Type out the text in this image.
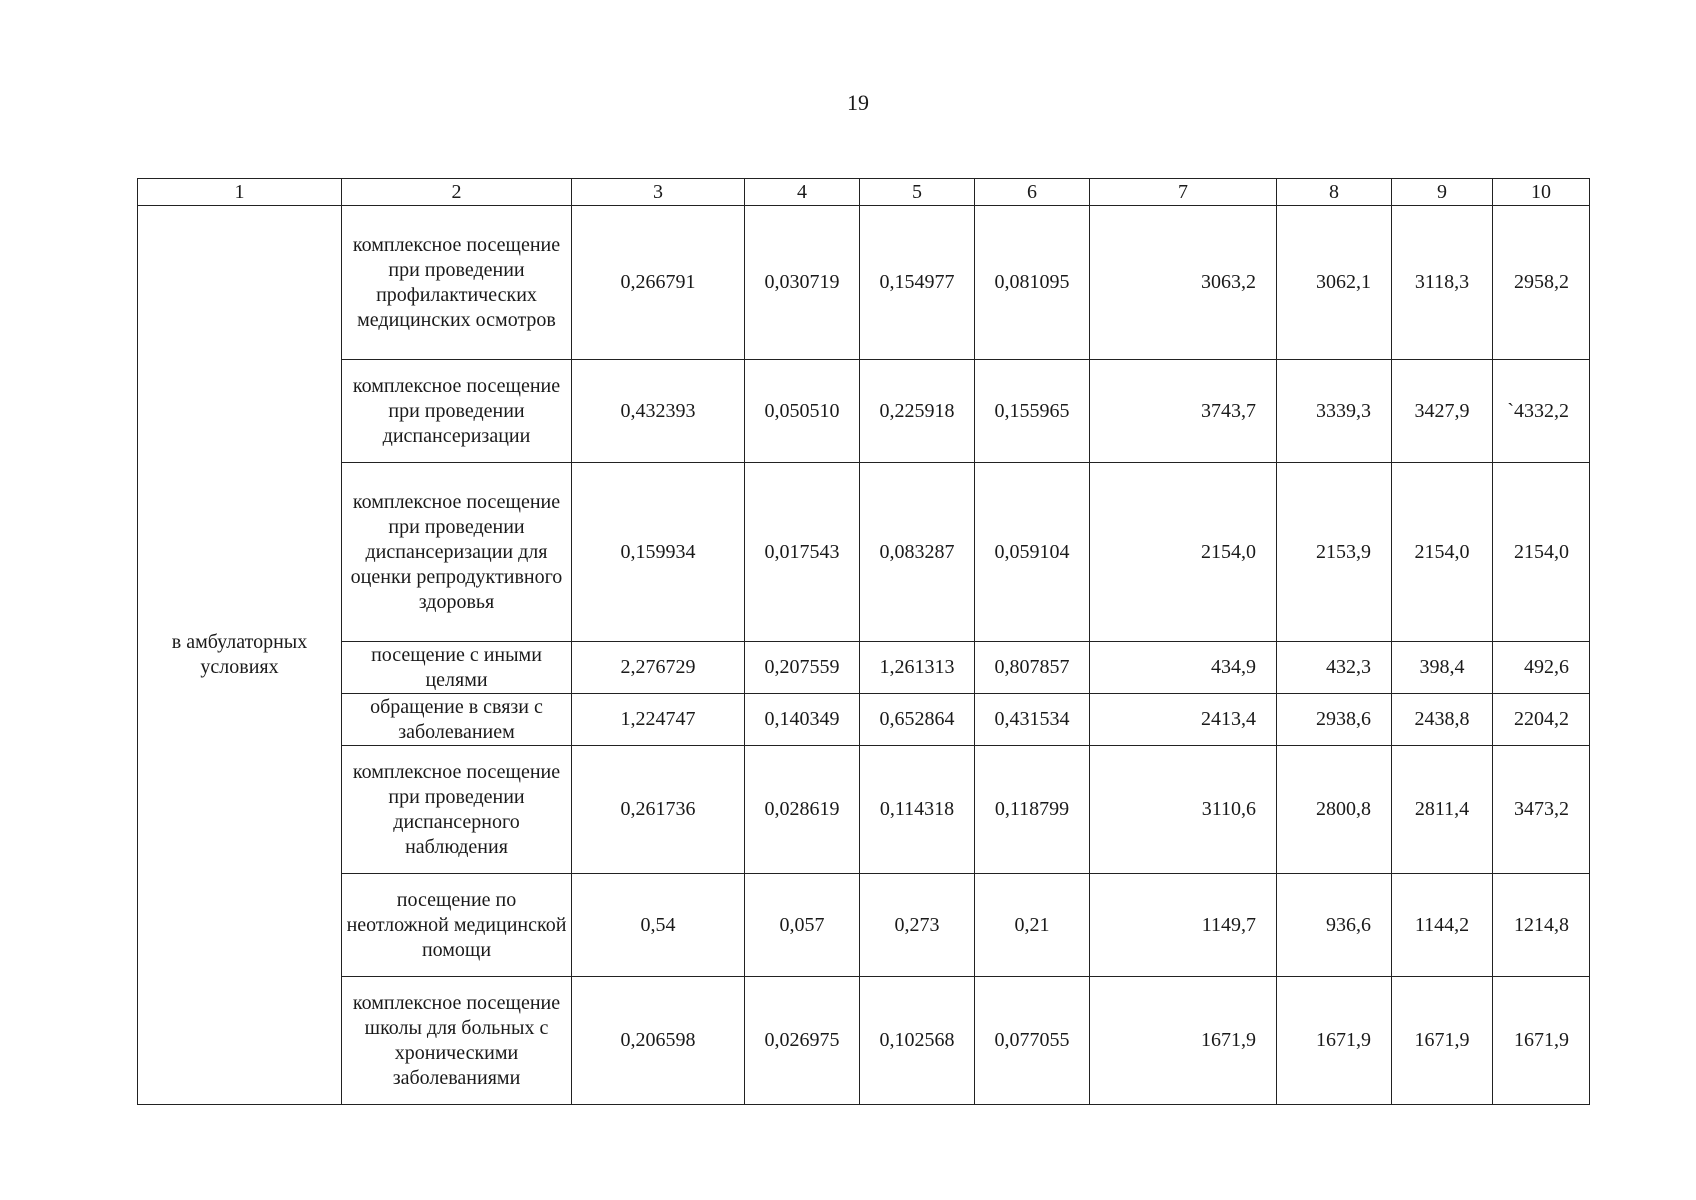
19
1	2	3	4	5	6	7	8	9	10
в амбулаторных условиях	комплексное посещение при проведении профилактических медицинских осмотров	0,266791	0,030719	0,154977	0,081095	3063,2	3062,1	3118,3	2958,2
	комплексное посещение при проведении диспансеризации	0,432393	0,050510	0,225918	0,155965	3743,7	3339,3	3427,9	`4332,2
	комплексное посещение при проведении диспансеризации для оценки репродуктивного здоровья	0,159934	0,017543	0,083287	0,059104	2154,0	2153,9	2154,0	2154,0
	посещение с иными целями	2,276729	0,207559	1,261313	0,807857	434,9	432,3	398,4	492,6
	обращение в связи с заболеванием	1,224747	0,140349	0,652864	0,431534	2413,4	2938,6	2438,8	2204,2
	комплексное посещение при проведении диспансерного наблюдения	0,261736	0,028619	0,114318	0,118799	3110,6	2800,8	2811,4	3473,2
	посещение по неотложной медицинской помощи	0,54	0,057	0,273	0,21	1149,7	936,6	1144,2	1214,8
	комплексное посещение школы для больных с хроническими заболеваниями	0,206598	0,026975	0,102568	0,077055	1671,9	1671,9	1671,9	1671,9
